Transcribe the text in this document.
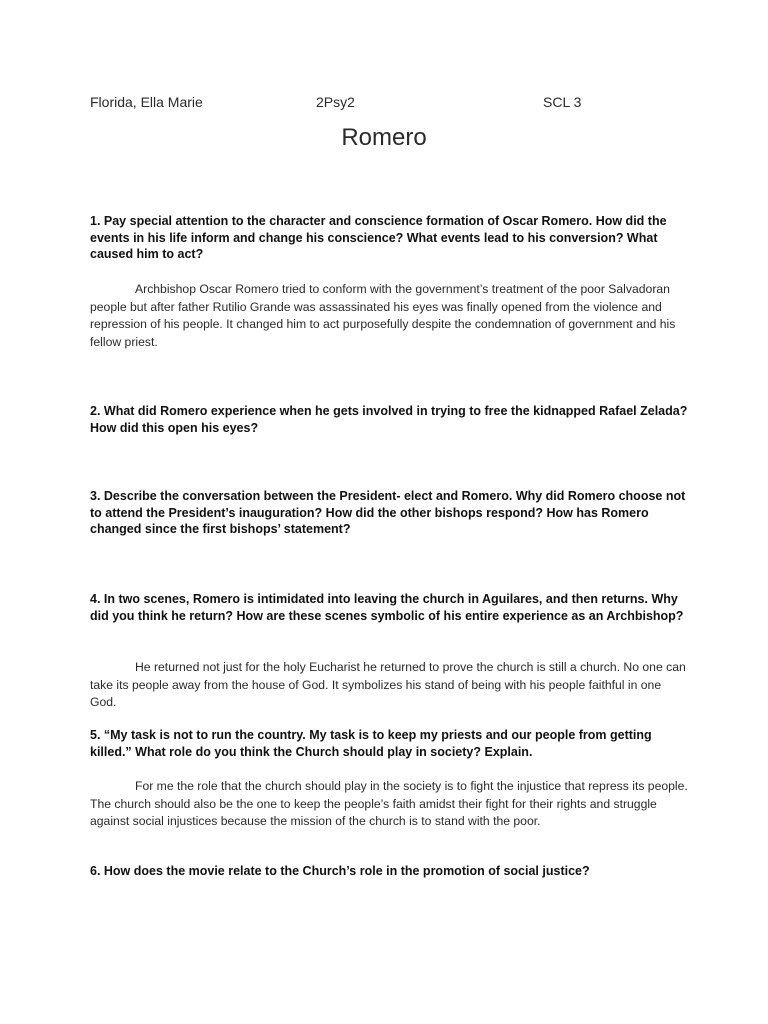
Florida, Ella Marie	2Psy2	SCL 3
Romero

1. Pay special attention to the character and conscience formation of Oscar Romero. How did the events in his life inform and change his conscience? What events lead to his conversion? What caused him to act?

Archbishop Oscar Romero tried to conform with the government’s treatment of the poor Salvadoran people but after father Rutilio Grande was assassinated his eyes was finally opened from the violence and repression of his people. It changed him to act purposefully despite the condemnation of government and his fellow priest.

2. What did Romero experience when he gets involved in trying to free the kidnapped Rafael Zelada? How did this open his eyes?

3. Describe the conversation between the President- elect and Romero. Why did Romero choose not to attend the President’s inauguration? How did the other bishops respond? How has Romero changed since the first bishops’ statement?

4. In two scenes, Romero is intimidated into leaving the church in Aguilares, and then returns. Why did you think he return? How are these scenes symbolic of his entire experience as an Archbishop?

He returned not just for the holy Eucharist he returned to prove the church is still a church. No one can take its people away from the house of God. It symbolizes his stand of being with his people faithful in one God.

5. “My task is not to run the country. My task is to keep my priests and our people from getting killed.” What role do you think the Church should play in society? Explain.

For me the role that the church should play in the society is to fight the injustice that repress its people. The church should also be the one to keep the people’s faith amidst their fight for their rights and struggle against social injustices because the mission of the church is to stand with the poor.

6. How does the movie relate to the Church’s role in the promotion of social justice?
